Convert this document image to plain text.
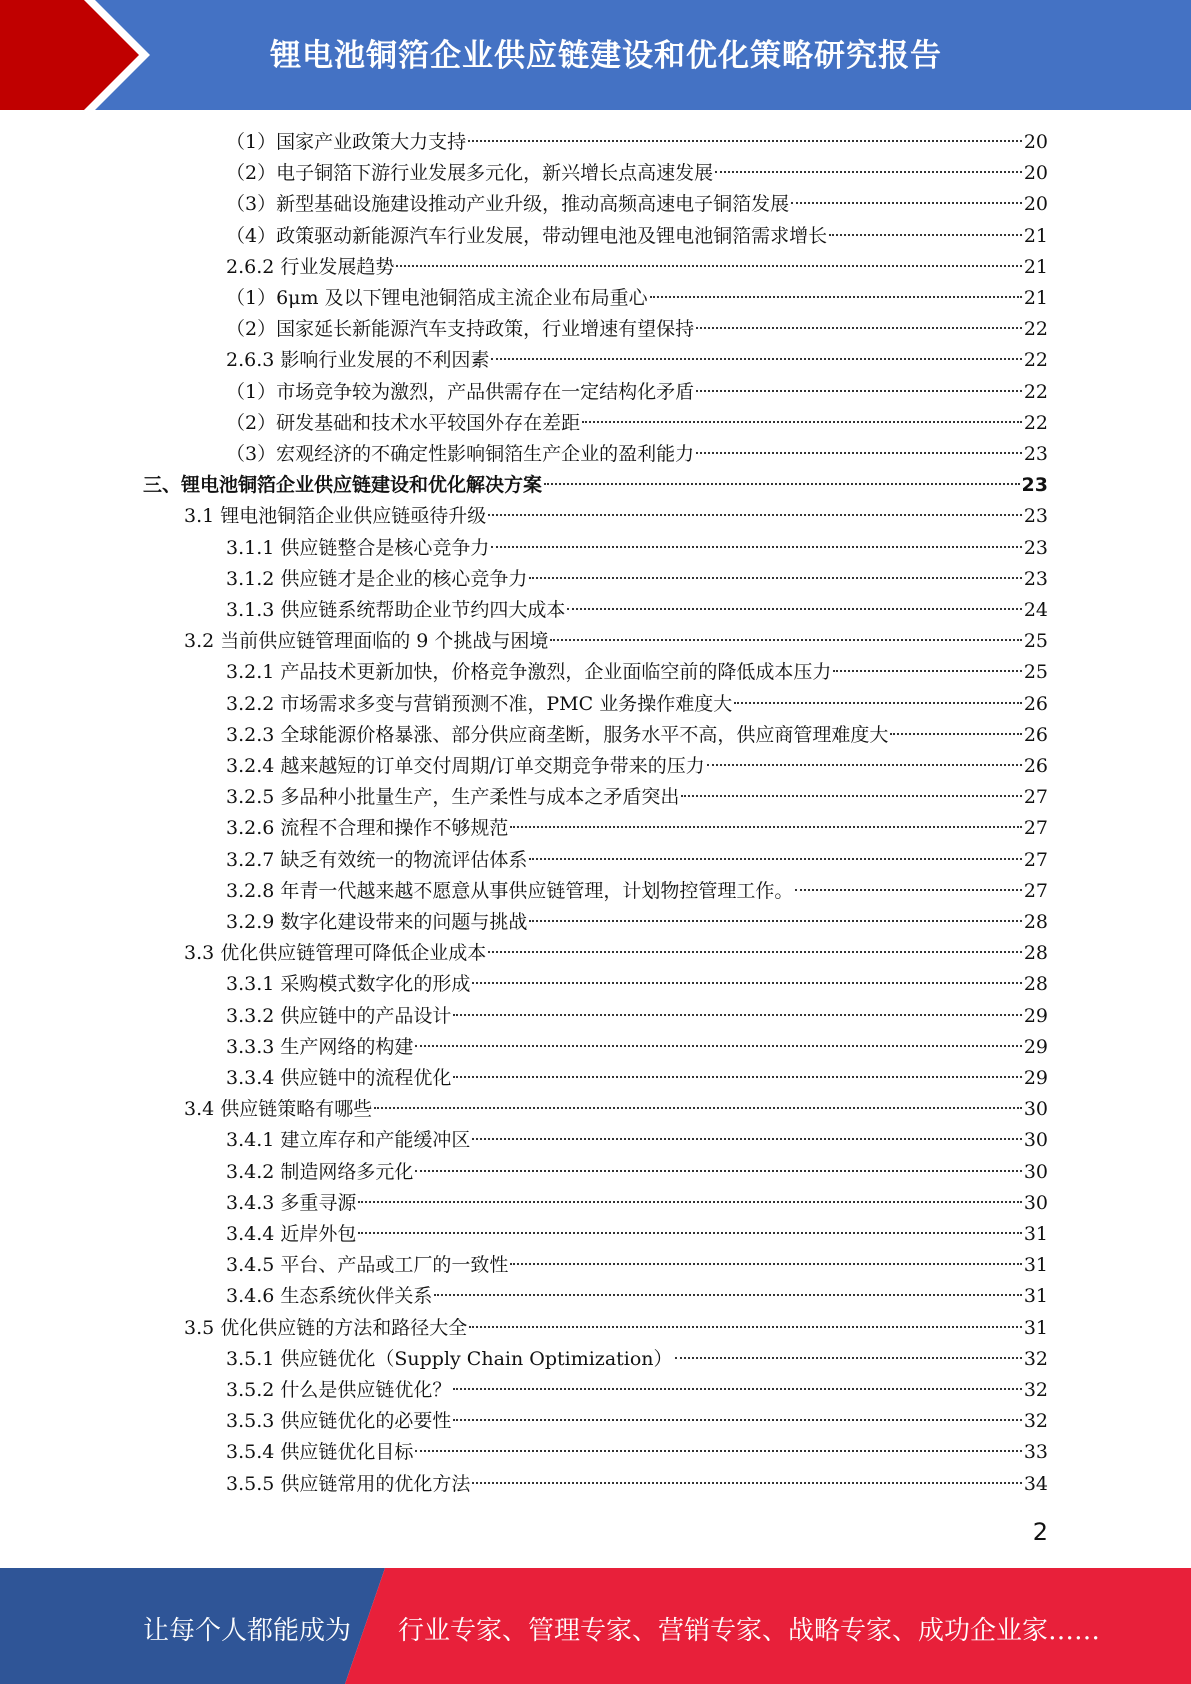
锂电池铜箔企业供应链建设和优化策略研究报告
（1）国家产业政策大力支持	20
（2）电子铜箔下游行业发展多元化，新兴增长点高速发展	20
（3）新型基础设施建设推动产业升级，推动高频高速电子铜箔发展	20
（4）政策驱动新能源汽车行业发展，带动锂电池及锂电池铜箔需求增长	21
2.6.2 行业发展趋势	21
（1）6μm 及以下锂电池铜箔成主流企业布局重心	21
（2）国家延长新能源汽车支持政策，行业增速有望保持	22
2.6.3 影响行业发展的不利因素	22
（1）市场竞争较为激烈，产品供需存在一定结构化矛盾	22
（2）研发基础和技术水平较国外存在差距	22
（3）宏观经济的不确定性影响铜箔生产企业的盈利能力	23
三、锂电池铜箔企业供应链建设和优化解决方案	23
3.1 锂电池铜箔企业供应链亟待升级	23
3.1.1 供应链整合是核心竞争力	23
3.1.2 供应链才是企业的核心竞争力	23
3.1.3 供应链系统帮助企业节约四大成本	24
3.2 当前供应链管理面临的 9 个挑战与困境	25
3.2.1 产品技术更新加快，价格竞争激烈，企业面临空前的降低成本压力	25
3.2.2 市场需求多变与营销预测不准，PMC 业务操作难度大	26
3.2.3 全球能源价格暴涨、部分供应商垄断，服务水平不高，供应商管理难度大	26
3.2.4 越来越短的订单交付周期/订单交期竞争带来的压力	26
3.2.5 多品种小批量生产，生产柔性与成本之矛盾突出	27
3.2.6 流程不合理和操作不够规范	27
3.2.7 缺乏有效统一的物流评估体系	27
3.2.8 年青一代越来越不愿意从事供应链管理，计划物控管理工作。	27
3.2.9 数字化建设带来的问题与挑战	28
3.3 优化供应链管理可降低企业成本	28
3.3.1 采购模式数字化的形成	28
3.3.2 供应链中的产品设计	29
3.3.3 生产网络的构建	29
3.3.4 供应链中的流程优化	29
3.4 供应链策略有哪些	30
3.4.1 建立库存和产能缓冲区	30
3.4.2 制造网络多元化	30
3.4.3 多重寻源	30
3.4.4 近岸外包	31
3.4.5 平台、产品或工厂的一致性	31
3.4.6 生态系统伙伴关系	31
3.5 优化供应链的方法和路径大全	31
3.5.1 供应链优化（Supply Chain Optimization）	32
3.5.2 什么是供应链优化？	32
3.5.3 供应链优化的必要性	32
3.5.4 供应链优化目标	33
3.5.5 供应链常用的优化方法	34
2
让每个人都能成为 行业专家、管理专家、营销专家、战略专家、成功企业家……
